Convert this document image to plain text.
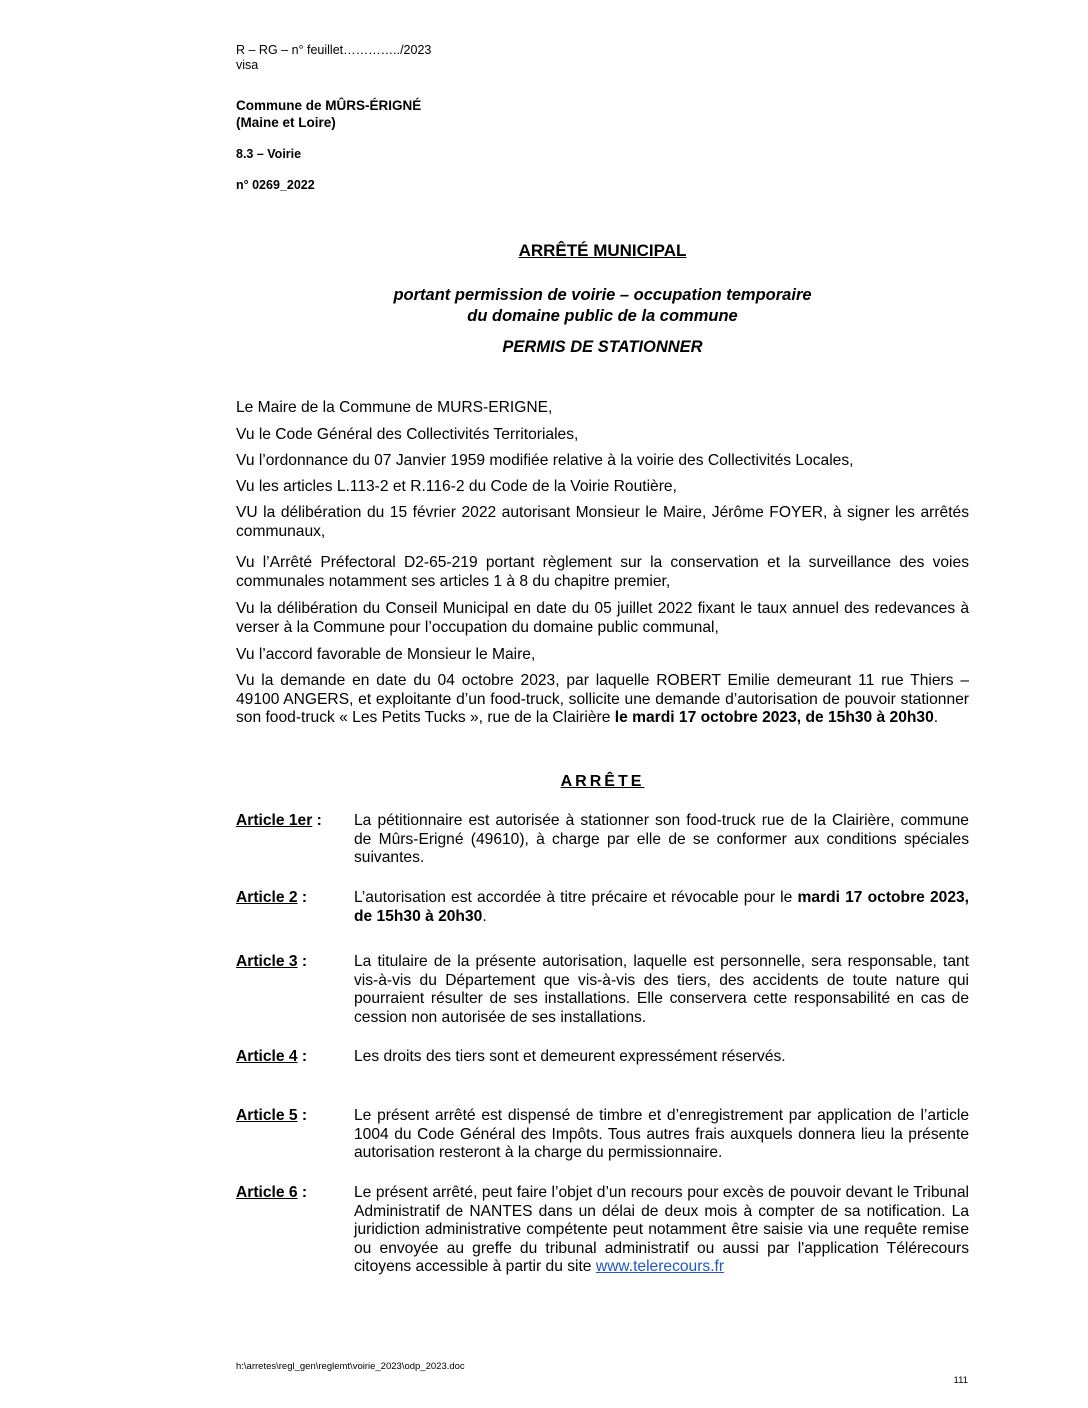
R – RG – n° feuillet…………../2023
visa
Commune de MÛRS-ÉRIGNÉ
(Maine et Loire)
8.3 – Voirie
n° 0269_2022
ARRÊTÉ MUNICIPAL
portant permission de voirie – occupation temporaire
du domaine public de la commune
PERMIS DE STATIONNER
Le Maire de la Commune de MURS-ERIGNE,
Vu le Code Général des Collectivités Territoriales,
Vu l’ordonnance du 07 Janvier 1959 modifiée relative à la voirie des Collectivités Locales,
Vu les articles L.113-2 et R.116-2 du Code de la Voirie Routière,
VU la délibération du 15 février 2022 autorisant Monsieur le Maire, Jérôme FOYER, à signer les arrêtés communaux,
Vu l’Arrêté Préfectoral D2-65-219 portant règlement sur la conservation et la surveillance des voies communales notamment ses articles 1 à 8 du chapitre premier,
Vu la délibération du Conseil Municipal en date du 05 juillet 2022 fixant le taux annuel des redevances à verser à la Commune pour l’occupation du domaine public communal,
Vu l’accord favorable de Monsieur le Maire,
Vu la demande en date du 04 octobre 2023, par laquelle ROBERT Emilie demeurant 11 rue Thiers – 49100 ANGERS, et exploitante d’un food-truck, sollicite une demande d’autorisation de pouvoir stationner son food-truck « Les Petits Tucks », rue de la Clairière le mardi 17 octobre 2023, de 15h30 à 20h30.
ARRÊTE
Article 1er : La pétitionnaire est autorisée à stationner son food-truck rue de la Clairière, commune de Mûrs-Erigné (49610), à charge par elle de se conformer aux conditions spéciales suivantes.
Article 2 :	L’autorisation est accordée à titre précaire et révocable pour le mardi 17 octobre 2023, de 15h30 à 20h30.
Article 3 :	La titulaire de la présente autorisation, laquelle est personnelle, sera responsable, tant vis-à-vis du Département que vis-à-vis des tiers, des accidents de toute nature qui pourraient résulter de ses installations. Elle conservera cette responsabilité en cas de cession non autorisée de ses installations.
Article 4 :	Les droits des tiers sont et demeurent expressément réservés.
Article 5 :	Le présent arrêté est dispensé de timbre et d’enregistrement par application de l’article 1004 du Code Général des Impôts. Tous autres frais auxquels donnera lieu la présente autorisation resteront à la charge du permissionnaire.
Article 6 :	Le présent arrêté, peut faire l’objet d’un recours pour excès de pouvoir devant le Tribunal Administratif de NANTES dans un délai de deux mois à compter de sa notification. La juridiction administrative compétente peut notamment être saisie via une requête remise ou envoyée au greffe du tribunal administratif ou aussi par l'application Télérecours citoyens accessible à partir du site www.telerecours.fr
h:\arretes\regl_gen\reglemt\voirie_2023\odp_2023.doc
111
